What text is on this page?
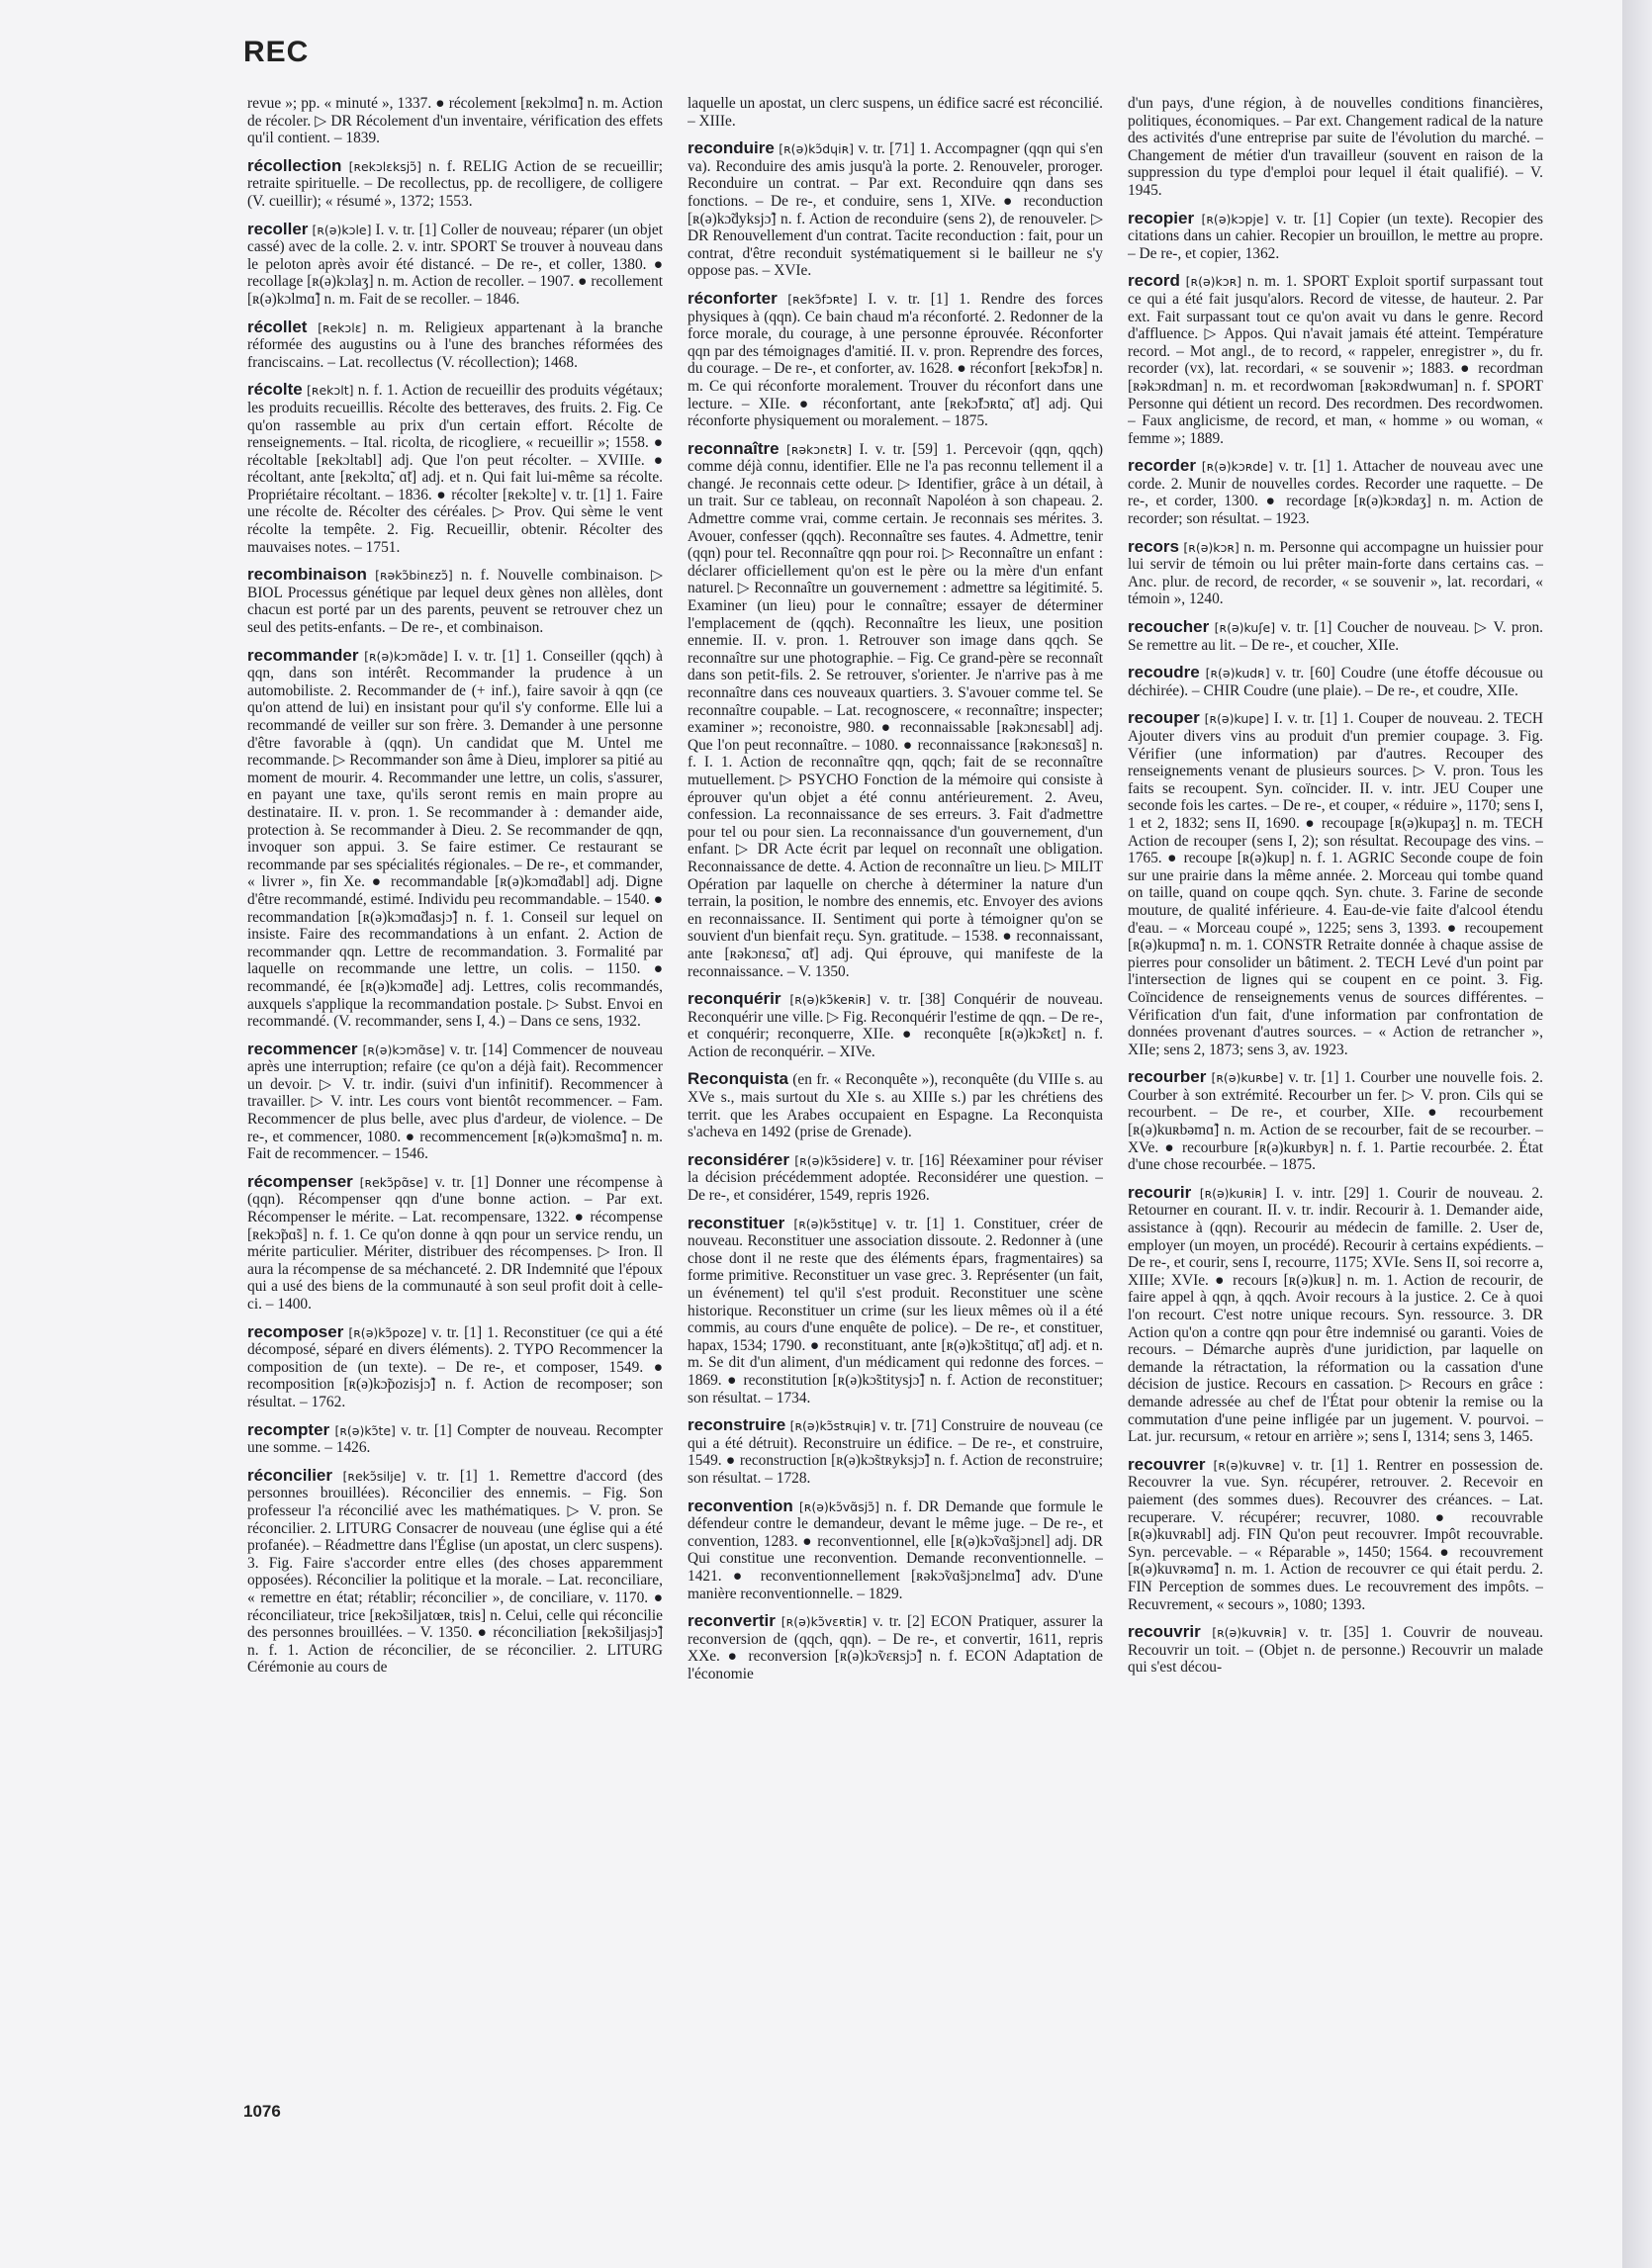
REC

revue »; pp. « minuté », 1337. ● récolement [ʀekɔlmɑ̃] n. m. Action de récoler. ▷ DR Récolement d'un inventaire, vérification des effets qu'il contient. – 1839.

récollection [ʀekɔlɛksjɔ̃] n. f. RELIG Action de se recueillir; retraite spirituelle. – De recollectus, pp. de recolligere, de colligere (V. cueillir); « résumé », 1372; 1553.

recoller [ʀ(ə)kɔle] I. v. tr. [1] Coller de nouveau; réparer (un objet cassé) avec de la colle. 2. v. intr. SPORT Se trouver à nouveau dans le peloton après avoir été distancé. – De re-, et coller, 1380. ● recollage [ʀ(ə)kɔlaʒ] n. m. Action de recoller. – 1907. ● recollement [ʀ(ə)kɔlmɑ̃] n. m. Fait de se recoller. – 1846.

récollet [ʀekɔlɛ] n. m. Religieux appartenant à la branche réformée des augustins ou à l'une des branches réformées des franciscains. – Lat. recollectus (V. récollection); 1468.

récolte [ʀekɔlt] n. f. 1. Action de recueillir des produits végétaux; les produits recueillis. Récolte des betteraves, des fruits. 2. Fig. Ce qu'on rassemble au prix d'un certain effort. Récolte de renseignements. – Ital. ricolta, de ricogliere, « recueillir »; 1558. ● récoltable [ʀekɔltabl] adj. Que l'on peut récolter. – XVIIIe. ● récoltant, ante [ʀekɔltɑ̃, ɑ̃t] adj. et n. Qui fait lui-même sa récolte. Propriétaire récoltant. – 1836. ● récolter [ʀekɔlte] v. tr. [1] 1. Faire une récolte de. Récolter des céréales. ▷ Prov. Qui sème le vent récolte la tempête. 2. Fig. Recueillir, obtenir. Récolter des mauvaises notes. – 1751.

recombinaison [ʀəkɔ̃binɛzɔ̃] n. f. Nouvelle combinaison. ▷ BIOL Processus génétique par lequel deux gènes non allèles, dont chacun est porté par un des parents, peuvent se retrouver chez un seul des petits-enfants. – De re-, et combinaison.

recommander [ʀ(ə)kɔmɑ̃de] I. v. tr. [1] 1. Conseiller (qqch) à qqn, dans son intérêt. Recommander la prudence à un automobiliste. 2. Recommander de (+ inf.), faire savoir à qqn (ce qu'on attend de lui) en insistant pour qu'il s'y conforme. Elle lui a recommandé de veiller sur son frère. 3. Demander à une personne d'être favorable à (qqn). Un candidat que M. Untel me recommande. ▷ Recommander son âme à Dieu, implorer sa pitié au moment de mourir. 4. Recommander une lettre, un colis, s'assurer, en payant une taxe, qu'ils seront remis en main propre au destinataire. II. v. pron. 1. Se recommander à : demander aide, protection à. Se recommander à Dieu. 2. Se recommander de qqn, invoquer son appui. 3. Se faire estimer. Ce restaurant se recommande par ses spécialités régionales. – De re-, et commander, « livrer », fin Xe. ● recommandable [ʀ(ə)kɔmɑ̃dabl] adj. Digne d'être recommandé, estimé. Individu peu recommandable. – 1540. ● recommandation [ʀ(ə)kɔmɑ̃dasjɔ̃] n. f. 1. Conseil sur lequel on insiste. Faire des recommandations à un enfant. 2. Action de recommander qqn. Lettre de recommandation. 3. Formalité par laquelle on recommande une lettre, un colis. – 1150. ● recommandé, ée [ʀ(ə)kɔmɑ̃de] adj. Lettres, colis recommandés, auxquels s'applique la recommandation postale. ▷ Subst. Envoi en recommandé. (V. recommander, sens I, 4.) – Dans ce sens, 1932.

recommencer [ʀ(ə)kɔmɑ̃se] v. tr. [14] Commencer de nouveau après une interruption; refaire (ce qu'on a déjà fait). Recommencer un devoir. ▷ V. tr. indir. (suivi d'un infinitif). Recommencer à travailler. ▷ V. intr. Les cours vont bientôt recommencer. – Fam. Recommencer de plus belle, avec plus d'ardeur, de violence. – De re-, et commencer, 1080. ● recommencement [ʀ(ə)kɔmɑ̃smɑ̃] n. m. Fait de recommencer. – 1546.

récompenser [ʀekɔ̃pɑ̃se] v. tr. [1] Donner une récompense à (qqn). Récompenser qqn d'une bonne action. – Par ext. Récompenser le mérite. – Lat. recompensare, 1322. ● récompense [ʀekɔ̃pɑ̃s] n. f. 1. Ce qu'on donne à qqn pour un service rendu, un mérite particulier. Mériter, distribuer des récompenses. ▷ Iron. Il aura la récompense de sa méchanceté. 2. DR Indemnité que l'époux qui a usé des biens de la communauté à son seul profit doit à celle-ci. – 1400.

recomposer [ʀ(ə)kɔ̃poze] v. tr. [1] 1. Reconstituer (ce qui a été décomposé, séparé en divers éléments). 2. TYPO Recommencer la composition de (un texte). – De re-, et composer, 1549. ● recomposition [ʀ(ə)kɔ̃pozisjɔ̃] n. f. Action de recomposer; son résultat. – 1762.

recompter [ʀ(ə)kɔ̃te] v. tr. [1] Compter de nouveau. Recompter une somme. – 1426.

réconcilier [ʀekɔ̃silje] v. tr. [1] 1. Remettre d'accord (des personnes brouillées). Réconcilier des ennemis. – Fig. Son professeur l'a réconcilié avec les mathématiques. ▷ V. pron. Se réconcilier. 2. LITURG Consacrer de nouveau (une église qui a été profanée). – Réadmettre dans l'Église (un apostat, un clerc suspens). 3. Fig. Faire s'accorder entre elles (des choses apparemment opposées). Réconcilier la politique et la morale. – Lat. reconciliare, « remettre en état; rétablir; réconcilier », de conciliare, v. 1170. ● réconciliateur, trice [ʀekɔ̃siljatœʀ, tʀis] n. Celui, celle qui réconcilie des personnes brouillées. – V. 1350. ● réconciliation [ʀekɔ̃siljasjɔ̃] n. f. 1. Action de réconcilier, de se réconcilier. 2. LITURG Cérémonie au cours de

laquelle un apostat, un clerc suspens, un édifice sacré est réconcilié. – XIIIe.

reconduire [ʀ(ə)kɔ̃dɥiʀ] v. tr. [71] 1. Accompagner (qqn qui s'en va). Reconduire des amis jusqu'à la porte. 2. Renouveler, proroger. Reconduire un contrat. – Par ext. Reconduire qqn dans ses fonctions. – De re-, et conduire, sens 1, XIVe. ● reconduction [ʀ(ə)kɔ̃dyksjɔ̃] n. f. Action de reconduire (sens 2), de renouveler. ▷ DR Renouvellement d'un contrat. Tacite reconduction : fait, pour un contrat, d'être reconduit systématiquement si le bailleur ne s'y oppose pas. – XVIe.

réconforter [ʀekɔ̃fɔʀte] I. v. tr. [1] 1. Rendre des forces physiques à (qqn). Ce bain chaud m'a réconforté. 2. Redonner de la force morale, du courage, à une personne éprouvée. Réconforter qqn par des témoignages d'amitié. II. v. pron. Reprendre des forces, du courage. – De re-, et conforter, av. 1628. ● réconfort [ʀekɔ̃fɔʀ] n. m. Ce qui réconforte moralement. Trouver du réconfort dans une lecture. – XIIe. ● réconfortant, ante [ʀekɔ̃fɔʀtɑ̃, ɑ̃t] adj. Qui réconforte physiquement ou moralement. – 1875.

reconnaître [ʀəkɔnɛtʀ] I. v. tr. [59] 1. Percevoir (qqn, qqch) comme déjà connu, identifier. Elle ne l'a pas reconnu tellement il a changé. Je reconnais cette odeur. ▷ Identifier, grâce à un détail, à un trait. Sur ce tableau, on reconnaît Napoléon à son chapeau. 2. Admettre comme vrai, comme certain. Je reconnais ses mérites. 3. Avouer, confesser (qqch). Reconnaître ses fautes. 4. Admettre, tenir (qqn) pour tel. Reconnaître qqn pour roi. ▷ Reconnaître un enfant : déclarer officiellement qu'on est le père ou la mère d'un enfant naturel. ▷ Reconnaître un gouvernement : admettre sa légitimité. 5. Examiner (un lieu) pour le connaître; essayer de déterminer l'emplacement de (qqch). Reconnaître les lieux, une position ennemie. II. v. pron. 1. Retrouver son image dans qqch. Se reconnaître sur une photographie. – Fig. Ce grand-père se reconnaît dans son petit-fils. 2. Se retrouver, s'orienter. Je n'arrive pas à me reconnaître dans ces nouveaux quartiers. 3. S'avouer comme tel. Se reconnaître coupable. – Lat. recognoscere, « reconnaître; inspecter; examiner »; reconoistre, 980. ● reconnaissable [ʀəkɔnɛsabl] adj. Que l'on peut reconnaître. – 1080. ● reconnaissance [ʀəkɔnɛsɑ̃s] n. f. I. 1. Action de reconnaître qqn, qqch; fait de se reconnaître mutuellement. ▷ PSYCHO Fonction de la mémoire qui consiste à éprouver qu'un objet a été connu antérieurement. 2. Aveu, confession. La reconnaissance de ses erreurs. 3. Fait d'admettre pour tel ou pour sien. La reconnaissance d'un gouvernement, d'un enfant. ▷ DR Acte écrit par lequel on reconnaît une obligation. Reconnaissance de dette. 4. Action de reconnaître un lieu. ▷ MILIT Opération par laquelle on cherche à déterminer la nature d'un terrain, la position, le nombre des ennemis, etc. Envoyer des avions en reconnaissance. II. Sentiment qui porte à témoigner qu'on se souvient d'un bienfait reçu. Syn. gratitude. – 1538. ● reconnaissant, ante [ʀəkɔnɛsɑ̃, ɑ̃t] adj. Qui éprouve, qui manifeste de la reconnaissance. – V. 1350.

reconquérir [ʀ(ə)kɔ̃keʀiʀ] v. tr. [38] Conquérir de nouveau. Reconquérir une ville. ▷ Fig. Reconquérir l'estime de qqn. – De re-, et conquérir; reconquerre, XIIe. ● reconquête [ʀ(ə)kɔ̃kɛt] n. f. Action de reconquérir. – XIVe.

Reconquista (en fr. « Reconquête »), reconquête (du VIIIe s. au XVe s., mais surtout du XIe s. au XIIIe s.) par les chrétiens des territ. que les Arabes occupaient en Espagne. La Reconquista s'acheva en 1492 (prise de Grenade).

reconsidérer [ʀ(ə)kɔ̃sidere] v. tr. [16] Réexaminer pour réviser la décision précédemment adoptée. Reconsidérer une question. – De re-, et considérer, 1549, repris 1926.

reconstituer [ʀ(ə)kɔ̃stitɥe] v. tr. [1] 1. Constituer, créer de nouveau. Reconstituer une association dissoute. 2. Redonner à (une chose dont il ne reste que des éléments épars, fragmentaires) sa forme primitive. Reconstituer un vase grec. 3. Représenter (un fait, un événement) tel qu'il s'est produit. Reconstituer une scène historique. Reconstituer un crime (sur les lieux mêmes où il a été commis, au cours d'une enquête de police). – De re-, et constituer, hapax, 1534; 1790. ● reconstituant, ante [ʀ(ə)kɔ̃stitɥɑ̃, ɑ̃t] adj. et n. m. Se dit d'un aliment, d'un médicament qui redonne des forces. – 1869. ● reconstitution [ʀ(ə)kɔ̃stitysjɔ̃] n. f. Action de reconstituer; son résultat. – 1734.

reconstruire [ʀ(ə)kɔ̃stʀɥiʀ] v. tr. [71] Construire de nouveau (ce qui a été détruit). Reconstruire un édifice. – De re-, et construire, 1549. ● reconstruction [ʀ(ə)kɔ̃stʀyksjɔ̃] n. f. Action de reconstruire; son résultat. – 1728.

reconvention [ʀ(ə)kɔ̃vɑ̃sjɔ̃] n. f. DR Demande que formule le défendeur contre le demandeur, devant le même juge. – De re-, et convention, 1283. ● reconventionnel, elle [ʀ(ə)kɔ̃vɑ̃sjɔnɛl] adj. DR Qui constitue une reconvention. Demande reconventionnelle. – 1421. ● reconventionnellement [ʀəkɔ̃vɑ̃sjɔnɛlmɑ̃] adv. D'une manière reconventionnelle. – 1829.

reconvertir [ʀ(ə)kɔ̃vɛʀtiʀ] v. tr. [2] ECON Pratiquer, assurer la reconversion de (qqch, qqn). – De re-, et convertir, 1611, repris XXe. ● reconversion [ʀ(ə)kɔ̃vɛʀsjɔ̃] n. f. ECON Adaptation de l'économie

d'un pays, d'une région, à de nouvelles conditions financières, politiques, économiques. – Par ext. Changement radical de la nature des activités d'une entreprise par suite de l'évolution du marché. – Changement de métier d'un travailleur (souvent en raison de la suppression du type d'emploi pour lequel il était qualifié). – V. 1945.

recopier [ʀ(ə)kɔpje] v. tr. [1] Copier (un texte). Recopier des citations dans un cahier. Recopier un brouillon, le mettre au propre. – De re-, et copier, 1362.

record [ʀ(ə)kɔʀ] n. m. 1. SPORT Exploit sportif surpassant tout ce qui a été fait jusqu'alors. Record de vitesse, de hauteur. 2. Par ext. Fait surpassant tout ce qu'on avait vu dans le genre. Record d'affluence. ▷ Appos. Qui n'avait jamais été atteint. Température record. – Mot angl., de to record, « rappeler, enregistrer », du fr. recorder (vx), lat. recordari, « se souvenir »; 1883. ● recordman [ʀəkɔʀdman] n. m. et recordwoman [ʀəkɔʀdwuman] n. f. SPORT Personne qui détient un record. Des recordmen. Des recordwomen. – Faux anglicisme, de record, et man, « homme » ou woman, « femme »; 1889.

recorder [ʀ(ə)kɔʀde] v. tr. [1] 1. Attacher de nouveau avec une corde. 2. Munir de nouvelles cordes. Recorder une raquette. – De re-, et corder, 1300. ● recordage [ʀ(ə)kɔʀdaʒ] n. m. Action de recorder; son résultat. – 1923.

recors [ʀ(ə)kɔʀ] n. m. Personne qui accompagne un huissier pour lui servir de témoin ou lui prêter main-forte dans certains cas. – Anc. plur. de record, de recorder, « se souvenir », lat. recordari, « témoin », 1240.

recoucher [ʀ(ə)kuʃe] v. tr. [1] Coucher de nouveau. ▷ V. pron. Se remettre au lit. – De re-, et coucher, XIIe.

recoudre [ʀ(ə)kudʀ] v. tr. [60] Coudre (une étoffe décousue ou déchirée). – CHIR Coudre (une plaie). – De re-, et coudre, XIIe.

recouper [ʀ(ə)kupe] I. v. tr. [1] 1. Couper de nouveau. 2. TECH Ajouter divers vins au produit d'un premier coupage. 3. Fig. Vérifier (une information) par d'autres. Recouper des renseignements venant de plusieurs sources. ▷ V. pron. Tous les faits se recoupent. Syn. coïncider. II. v. intr. JEU Couper une seconde fois les cartes. – De re-, et couper, « réduire », 1170; sens I, 1 et 2, 1832; sens II, 1690. ● recoupage [ʀ(ə)kupaʒ] n. m. TECH Action de recouper (sens I, 2); son résultat. Recoupage des vins. – 1765. ● recoupe [ʀ(ə)kup] n. f. 1. AGRIC Seconde coupe de foin sur une prairie dans la même année. 2. Morceau qui tombe quand on taille, quand on coupe qqch. Syn. chute. 3. Farine de seconde mouture, de qualité inférieure. 4. Eau-de-vie faite d'alcool étendu d'eau. – « Morceau coupé », 1225; sens 3, 1393. ● recoupement [ʀ(ə)kupmɑ̃] n. m. 1. CONSTR Retraite donnée à chaque assise de pierres pour consolider un bâtiment. 2. TECH Levé d'un point par l'intersection de lignes qui se coupent en ce point. 3. Fig. Coïncidence de renseignements venus de sources différentes. – Vérification d'un fait, d'une information par confrontation de données provenant d'autres sources. – « Action de retrancher », XIIe; sens 2, 1873; sens 3, av. 1923.

recourber [ʀ(ə)kuʀbe] v. tr. [1] 1. Courber une nouvelle fois. 2. Courber à son extrémité. Recourber un fer. ▷ V. pron. Cils qui se recourbent. – De re-, et courber, XIIe. ● recourbement [ʀ(ə)kuʀbəmɑ̃] n. m. Action de se recourber, fait de se recourber. – XVe. ● recourbure [ʀ(ə)kuʀbyʀ] n. f. 1. Partie recourbée. 2. État d'une chose recourbée. – 1875.

recourir [ʀ(ə)kuʀiʀ] I. v. intr. [29] 1. Courir de nouveau. 2. Retourner en courant. II. v. tr. indir. Recourir à. 1. Demander aide, assistance à (qqn). Recourir au médecin de famille. 2. User de, employer (un moyen, un procédé). Recourir à certains expédients. – De re-, et courir, sens I, recourre, 1175; XVIe. Sens II, soi recorre a, XIIIe; XVIe. ● recours [ʀ(ə)kuʀ] n. m. 1. Action de recourir, de faire appel à qqn, à qqch. Avoir recours à la justice. 2. Ce à quoi l'on recourt. C'est notre unique recours. Syn. ressource. 3. DR Action qu'on a contre qqn pour être indemnisé ou garanti. Voies de recours. – Démarche auprès d'une juridiction, par laquelle on demande la rétractation, la réformation ou la cassation d'une décision de justice. Recours en cassation. ▷ Recours en grâce : demande adressée au chef de l'État pour obtenir la remise ou la commutation d'une peine infligée par un jugement. V. pourvoi. – Lat. jur. recursum, « retour en arrière »; sens I, 1314; sens 3, 1465.

recouvrer [ʀ(ə)kuvʀe] v. tr. [1] 1. Rentrer en possession de. Recouvrer la vue. Syn. récupérer, retrouver. 2. Recevoir en paiement (des sommes dues). Recouvrer des créances. – Lat. recuperare. V. récupérer; recuvrer, 1080. ● recouvrable [ʀ(ə)kuvʀabl] adj. FIN Qu'on peut recouvrer. Impôt recouvrable. Syn. percevable. – « Réparable », 1450; 1564. ● recouvrement [ʀ(ə)kuvʀəmɑ̃] n. m. 1. Action de recouvrer ce qui était perdu. 2. FIN Perception de sommes dues. Le recouvrement des impôts. – Recuvrement, « secours », 1080; 1393.

recouvrir [ʀ(ə)kuvʀiʀ] v. tr. [35] 1. Couvrir de nouveau. Recouvrir un toit. – (Objet n. de personne.) Recouvrir un malade qui s'est décou-

1076
